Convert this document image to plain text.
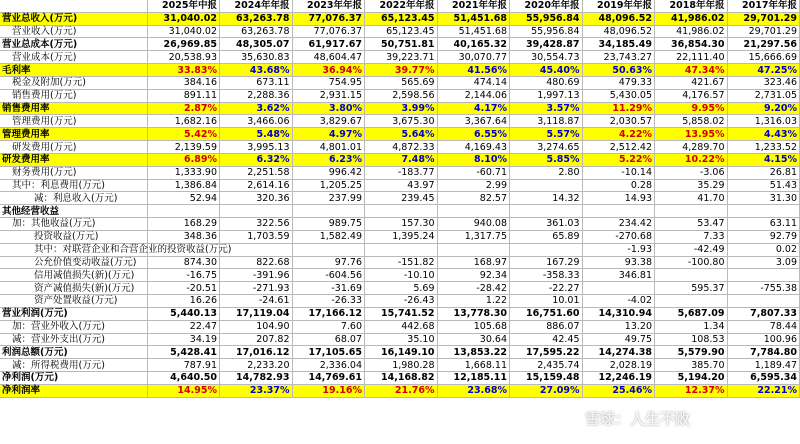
	2025年中报	2024年年报	2023年年报	2022年年报	2021年年报	2020年年报	2019年年报	2018年年报	2017年年报
营业总收入(万元)	31,040.02	63,263.78	77,076.37	65,123.45	51,451.68	55,956.84	48,096.52	41,986.02	29,701.29
营业收入(万元)	31,040.02	63,263.78	77,076.37	65,123.45	51,451.68	55,956.84	48,096.52	41,986.02	29,701.29
营业总成本(万元)	26,969.85	48,305.07	61,917.67	50,751.81	40,165.32	39,428.87	34,185.49	36,854.30	21,297.56
营业成本(万元)	20,538.93	35,630.83	48,604.47	39,223.71	30,070.77	30,554.73	23,743.27	22,111.40	15,666.69
毛利率	33.83%	43.68%	36.94%	39.77%	41.56%	45.40%	50.63%	47.34%	47.25%
税金及附加(万元)	384.16	673.11	754.95	565.69	474.14	480.69	479.33	421.67	323.46
销售费用(万元)	891.11	2,288.36	2,931.15	2,598.56	2,144.06	1,997.13	5,430.05	4,176.57	2,731.05
销售费用率	2.87%	3.62%	3.80%	3.99%	4.17%	3.57%	11.29%	9.95%	9.20%
管理费用(万元)	1,682.16	3,466.06	3,829.67	3,675.30	3,367.64	3,118.87	2,030.57	5,858.02	1,316.03
管理费用率	5.42%	5.48%	4.97%	5.64%	6.55%	5.57%	4.22%	13.95%	4.43%
研发费用(万元)	2,139.59	3,995.13	4,801.01	4,872.33	4,169.43	3,274.65	2,512.42	4,289.70	1,233.52
研发费用率	6.89%	6.32%	6.23%	7.48%	8.10%	5.85%	5.22%	10.22%	4.15%
财务费用(万元)	1,333.90	2,251.58	996.42	-183.77	-60.71	2.80	-10.14	-3.06	26.81
其中：利息费用(万元)	1,386.84	2,614.16	1,205.25	43.97	2.99		0.28	35.29	51.43
减：利息收入(万元)	52.94	320.36	237.99	239.45	82.57	14.32	14.93	41.70	31.30
其他经营收益									
加：其他收益(万元)	168.29	322.56	989.75	157.30	940.08	361.03	234.42	53.47	63.11
投资收益(万元)	348.36	1,703.59	1,582.49	1,395.24	1,317.75	65.89	-270.68	7.33	92.79
其中：对联营企业和合营企业的投资收益(万元)							-1.93	-42.49	0.02
公允价值变动收益(万元)	874.30	822.68	97.76	-151.82	168.97	167.29	93.38	-100.80	3.09
信用减值损失(新)(万元)	-16.75	-391.96	-604.56	-10.10	92.34	-358.33	346.81		
资产减值损失(新)(万元)	-20.51	-271.93	-31.69	5.69	-28.42	-22.27		595.37	-755.38
资产处置收益(万元)	16.26	-24.61	-26.33	-26.43	1.22	10.01	-4.02		
营业利润(万元)	5,440.13	17,119.04	17,166.12	15,741.52	13,778.30	16,751.60	14,310.94	5,687.09	7,807.33
加：营业外收入(万元)	22.47	104.90	7.60	442.68	105.68	886.07	13.20	1.34	78.44
减：营业外支出(万元)	34.19	207.82	68.07	35.10	30.64	42.45	49.75	108.53	100.96
利润总额(万元)	5,428.41	17,016.12	17,105.65	16,149.10	13,853.22	17,595.22	14,274.38	5,579.90	7,784.80
减：所得税费用(万元)	787.91	2,233.20	2,336.04	1,980.28	1,668.11	2,435.74	2,028.19	385.70	1,189.47
净利润(万元)	4,640.50	14,782.93	14,769.61	14,168.82	12,185.11	15,159.48	12,246.19	5,194.20	6,595.34
净利润率	14.95%	23.37%	19.16%	21.76%	23.68%	27.09%	25.46%	12.37%	22.21%
雪球：人生不败
